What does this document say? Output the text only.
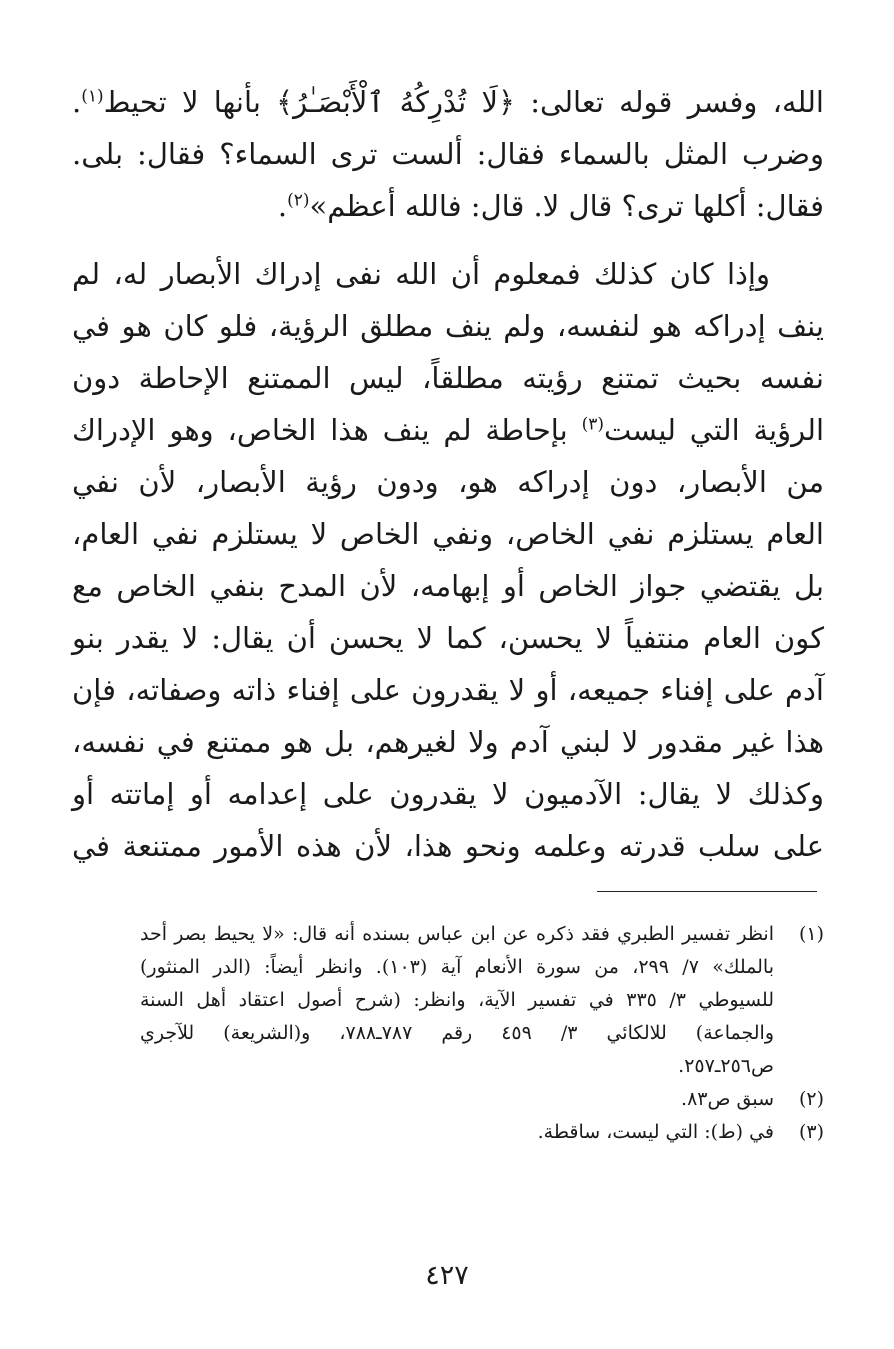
الله، وفسر قوله تعالى: ﴿لَا تُدْرِكُهُ ٱلْأَبْصَـٰرُ﴾ بأنها لا تحيط$^{(١)}$.
وضرب المثل بالسماء فقال: ألست ترى السماء؟ فقال: بلى.
فقال: أكلها ترى؟ قال لا. قال: فالله أعظم»$^{(٢)}$.
وإذا كان كذلك فمعلوم أن الله نفى إدراك الأبصار له، لم
ينف إدراكه هو لنفسه، ولم ينف مطلق الرؤية، فلو كان هو في
نفسه بحيث تمتنع رؤيته مطلقاً، ليس الممتنع الإحاطة دون
الرؤية التي ليست$^{(٣)}$ بإحاطة لم ينف هذا الخاص، وهو الإدراك
من الأبصار، دون إدراكه هو، ودون رؤية الأبصار، لأن نفي
العام يستلزم نفي الخاص، ونفي الخاص لا يستلزم نفي العام،
بل يقتضي جواز الخاص أو إبهامه، لأن المدح بنفي الخاص مع
كون العام منتفياً لا يحسن، كما لا يحسن أن يقال: لا يقدر بنو
آدم على إفناء جميعه، أو لا يقدرون على إفناء ذاته وصفاته، فإن
هذا غير مقدور لا لبني آدم ولا لغيرهم، بل هو ممتنع في نفسه،
وكذلك لا يقال: الآدميون لا يقدرون على إعدامه أو إماتته أو
على سلب قدرته وعلمه ونحو هذا، لأن هذه الأمور ممتنعة في
(١)
انظر تفسير الطبري فقد ذكره عن ابن عباس بسنده أنه قال: «لا يحيط بصر أحد
بالملك» ٧/ ٢٩٩، من سورة الأنعام آية (١٠٣). وانظر أيضاً: (الدر المنثور)
للسيوطي ٣/ ٣٣٥ في تفسير الآية، وانظر: (شرح أصول اعتقاد أهل السنة
والجماعة) للالكائي ٣/ ٤٥٩ رقم ٧٨٧ـ٧٨٨، و(الشريعة) للآجري
ص٢٥٦ـ٢٥٧.
(٢)
سبق ص٨٣.
(٣)
في (ط): التي ليست، ساقطة.
٤٢٧
